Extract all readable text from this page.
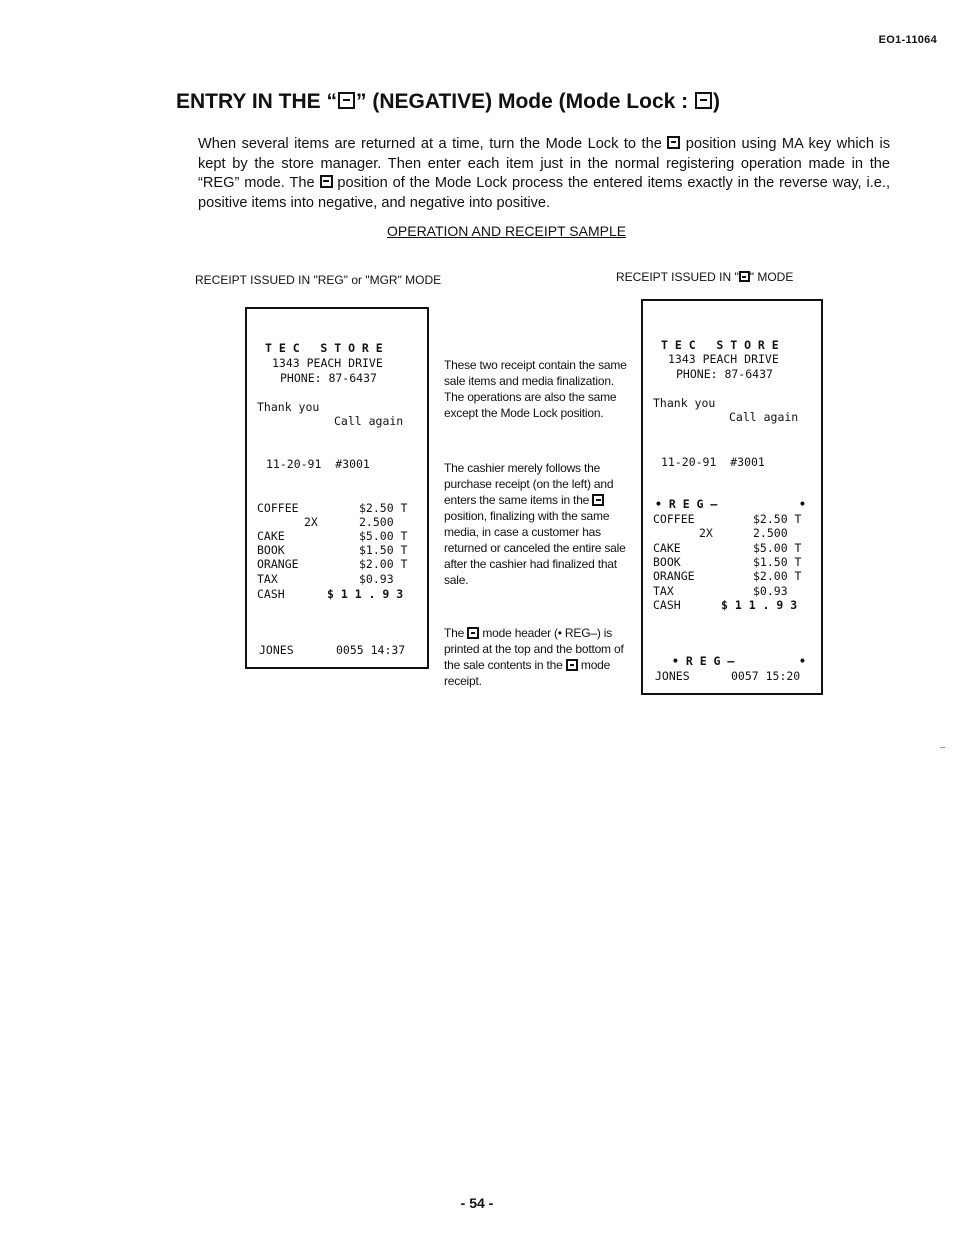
EO1-11064
ENTRY IN THE “ ” (NEGATIVE) Mode (Mode Lock : )

When several items are returned at a time, turn the Mode Lock to the  position using MA key which is kept by the store manager. Then enter each item just in the normal registering operation made in the “REG” mode. The  position of the Mode Lock process the entered items exactly in the reverse way, i.e., positive items into negative, and negative into positive.

OPERATION AND RECEIPT SAMPLE
RECEIPT ISSUED IN "REG" or "MGR" MODE	RECEIPT ISSUED IN " " MODE
T E C   S T O R E
1343 PEACH DRIVE
PHONE: 87-6437
Thank you
Call again
11-20-91  #3001
COFFEE	$2.50 T
2X	2.500
CAKE	$5.00 T
BOOK	$1.50 T
ORANGE	$2.00 T
TAX	$0.93
CASH	$ 1 1 . 9 3
JONES	0055 14:37

These two receipt contain the same sale items and media finalization. The operations are also the same except the Mode Lock position.

The cashier merely follows the purchase receipt (on the left) and enters the same items in the  position, finalizing with the same media, in case a customer has returned or canceled the entire sale after the cashier had finalized that sale.

The  mode header (• REG–) is printed at the top and the bottom of the sale contents in the  mode receipt.

T E C   S T O R E
1343 PEACH DRIVE
PHONE: 87-6437
Thank you
Call again
11-20-91  #3001
• R E G –	•
COFFEE	$2.50 T
2X	2.500
CAKE	$5.00 T
BOOK	$1.50 T
ORANGE	$2.00 T
TAX	$0.93
CASH	$ 1 1 . 9 3
• R E G –	•
JONES	0057 15:20
- 54 -
